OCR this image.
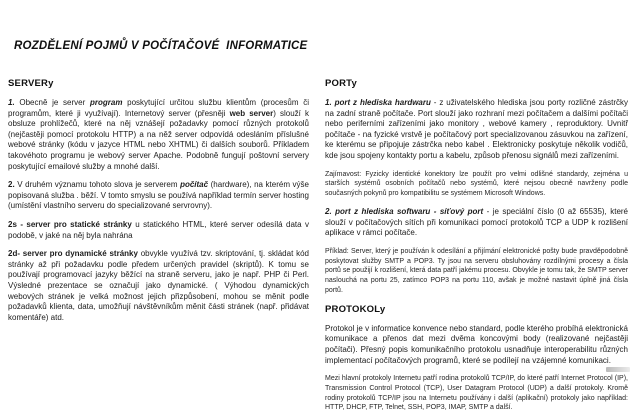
ROZDĚLENÍ POJMŮ V POČÍTAČOVÉ  INFORMATICE
SERVERy

1. Obecně je server program poskytující určitou službu klientům (procesům či programům, které ji využívají). Internetový server (přesněji web server) slouží k obsluze prohlížečů, které na něj vznášejí požadavky pomocí různých protokolů (nejčastěji pomocí protokolu HTTP) a na něž server odpovídá odesláním příslušné webové stránky (kódu v jazyce HTML nebo XHTML) či dalších souborů. Příkladem takovéhoto programu je webový server Apache. Podobně fungují poštovní servery poskytující emailové služby a mnohé další.

2. V druhém významu tohoto slova je serverem počítač (hardware), na kterém výše popisovaná služba . běží. V tomto smyslu se používá například termín server hosting (umístění vlastního serveru do specializované servrovny).

2s - server pro statické stránky u statického HTML, které server odesílá data v podobě, v jaké na něj byla nahrána

2d- server pro dynamické stránky obvykle využívá tzv. skriptování, tj. skládat kód stránky až při požadavku podle předem určených pravidel (skriptů). K tomu se používají programovací jazyky běžící na straně serveru, jako je např. PHP či Perl. Výsledné prezentace se označují jako dynamické. ( Výhodou dynamických webových stránek je velká možnost jejich přizpůsobení, mohou se měnit podle požadavků klienta, data, umožňují návštěvníkům měnit části stránek (např. přidávat komentáře) atd.

PORTy

1. port z hlediska hardwaru - z uživatelského hlediska jsou porty rozličné zástrčky na zadní straně počítače. Port slouží jako rozhraní mezi počítačem a dalšími počítači nebo periferními zařízeními jako monitory , webové kamery , reproduktory. Uvnitř počítače - na fyzické vrstvě je počítačový port specializovanou zásuvkou na zařízení, ke kterému se připojuje zástrčka nebo kabel . Elektronicky poskytuje několik vodičů, kde jsou spojeny kontakty portu a kabelu, způsob přenosu signálů mezi zařízeními.

Zajímavost: Fyzicky identické konektory lze použít pro velmi odlišné standardy, zejména u starších systémů osobních počítačů nebo systémů, které nejsou obecně navrženy podle současných pokynů pro kompatibilitu se systémem Microsoft Windows.

2. port z hlediska softwaru - síťový port - je speciální číslo (0 až 65535), které slouží v počítačových sítích při komunikaci pomocí protokolů TCP a UDP k rozlišení aplikace v rámci počítače.

Příklad: Server, který je používán k odesílání a přijímání elektronické pošty bude pravděpodobně poskytovat služby SMTP a POP3. Ty jsou na serveru obsluhovány rozdílnými procesy a čísla portů se použijí k rozlišení, která data patří jakému procesu. Obvykle je tomu tak, že SMTP server naslouchá na portu 25, zatímco POP3 na portu 110, avšak je možné nastavit úplně jiná čísla portů.

PROTOKOLy

Protokol je v informatice konvence nebo standard, podle kterého probíhá elektronická komunikace a přenos dat mezi dvěma koncovými body (realizované nejčastěji počítači). Přesný popis komunikačního protokolu usnadňuje interoperabilitu různých implementací počítačových programů, které se podílejí na vzájemné komunikaci.

Mezi hlavní protokoly Internetu patří rodina protokolů TCP/IP, do které patří Internet Protocol (IP), Transmission Control Protocol (TCP), User Datagram Protocol (UDP) a další protokoly. Kromě rodiny protokolů TCP/IP jsou na Internetu používány i další (aplikační) protokoly jako například: HTTP, DHCP, FTP, Telnet, SSH, POP3, IMAP, SMTP a další.
